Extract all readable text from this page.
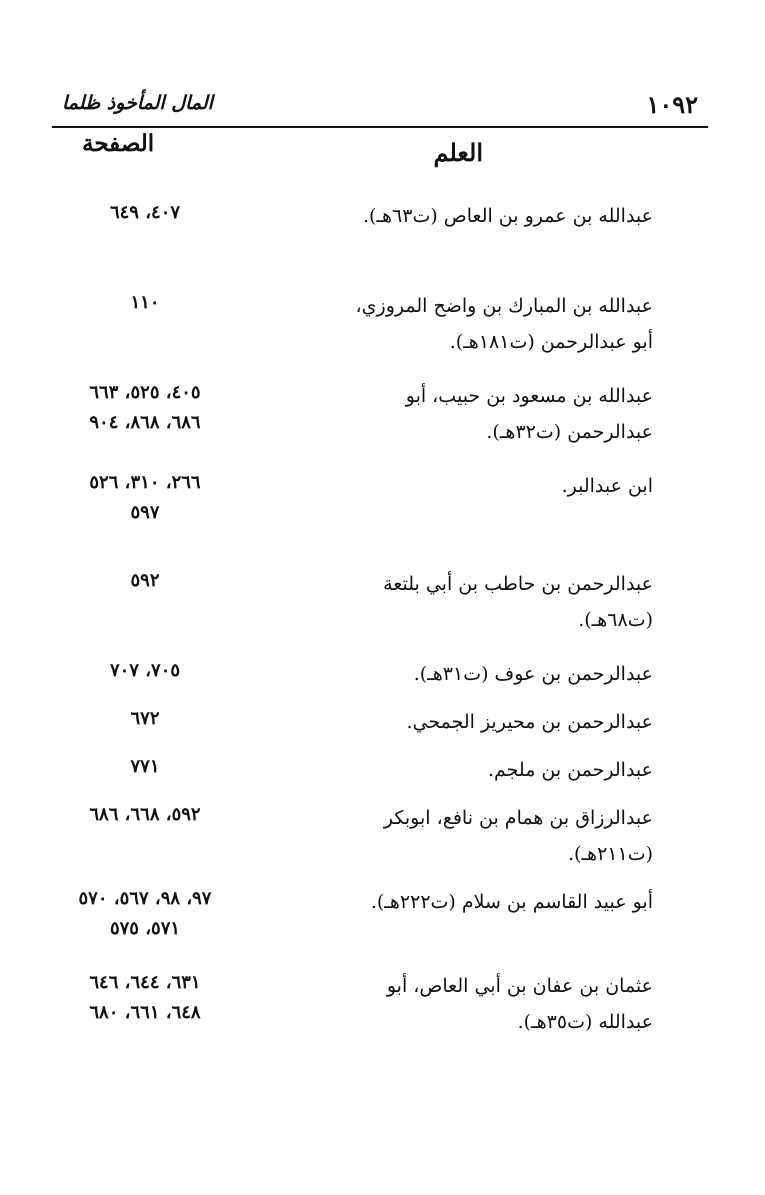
١٠٩٢
المال المأخوذ ظلما
العلم
الصفحة
عبدالله بن عمرو بن العاص (ت٦٣هـ).
٤٠٧، ٦٤٩
عبدالله بن المبارك بن واضح المروزي، أبو عبدالرحمن (ت١٨١هـ).
١١٠
عبدالله بن مسعود بن حبيب، أبو عبدالرحمن (ت٣٢هـ).
٤٠٥، ٥٢٥، ٦٦٣
٦٨٦، ٨٦٨، ٩٠٤
ابن عبدالبر.
٢٦٦، ٣١٠، ٥٢٦
٥٩٧
عبدالرحمن بن حاطب بن أبي بلتعة (ت٦٨هـ).
٥٩٢
عبدالرحمن بن عوف (ت٣١هـ).
٧٠٥، ٧٠٧
عبدالرحمن بن محيريز الجمحي.
٦٧٢
عبدالرحمن بن ملجم.
٧٧١
عبدالرزاق بن همام بن نافع، ابوبكر (ت٢١١هـ).
٥٩٢، ٦٦٨، ٦٨٦
أبو عبيد القاسم بن سلام (ت٢٢٢هـ).
٩٧، ٩٨، ٥٦٧، ٥٧٠
٥٧١، ٥٧٥
عثمان بن عفان بن أبي العاص، أبو عبدالله (ت٣٥هـ).
٦٣١، ٦٤٤، ٦٤٦
٦٤٨، ٦٦١، ٦٨٠
